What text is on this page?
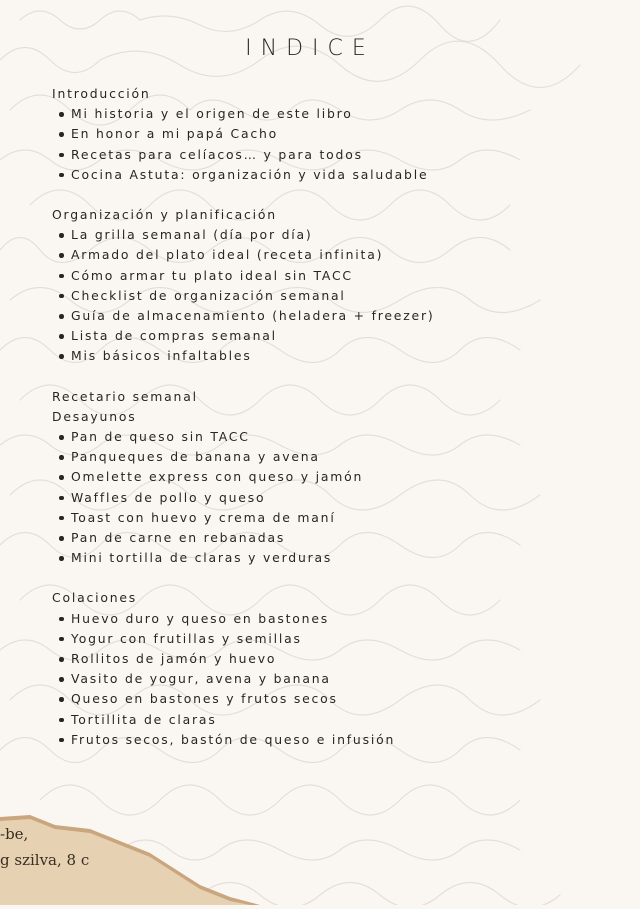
-be,
g szilva, 8 c
INDICE
Introducción
Mi historia y el origen de este libro
En honor a mi papá Cacho
Recetas para celíacos… y para todos
Cocina Astuta: organización y vida saludable
Organización y planificación
La grilla semanal (día por día)
Armado del plato ideal (receta infinita)
Cómo armar tu plato ideal sin TACC
Checklist de organización semanal
Guía de almacenamiento (heladera + freezer)
Lista de compras semanal
Mis básicos infaltables
Recetario semanal
Desayunos
Pan de queso sin TACC
Panqueques de banana y avena
Omelette express con queso y jamón
Waffles de pollo y queso
Toast con huevo y crema de maní
Pan de carne en rebanadas
Mini tortilla de claras y verduras
Colaciones
Huevo duro y queso en bastones
Yogur con frutillas y semillas
Rollitos de jamón y huevo
Vasito de yogur, avena y banana
Queso en bastones y frutos secos
Tortillita de claras
Frutos secos, bastón de queso e infusión
